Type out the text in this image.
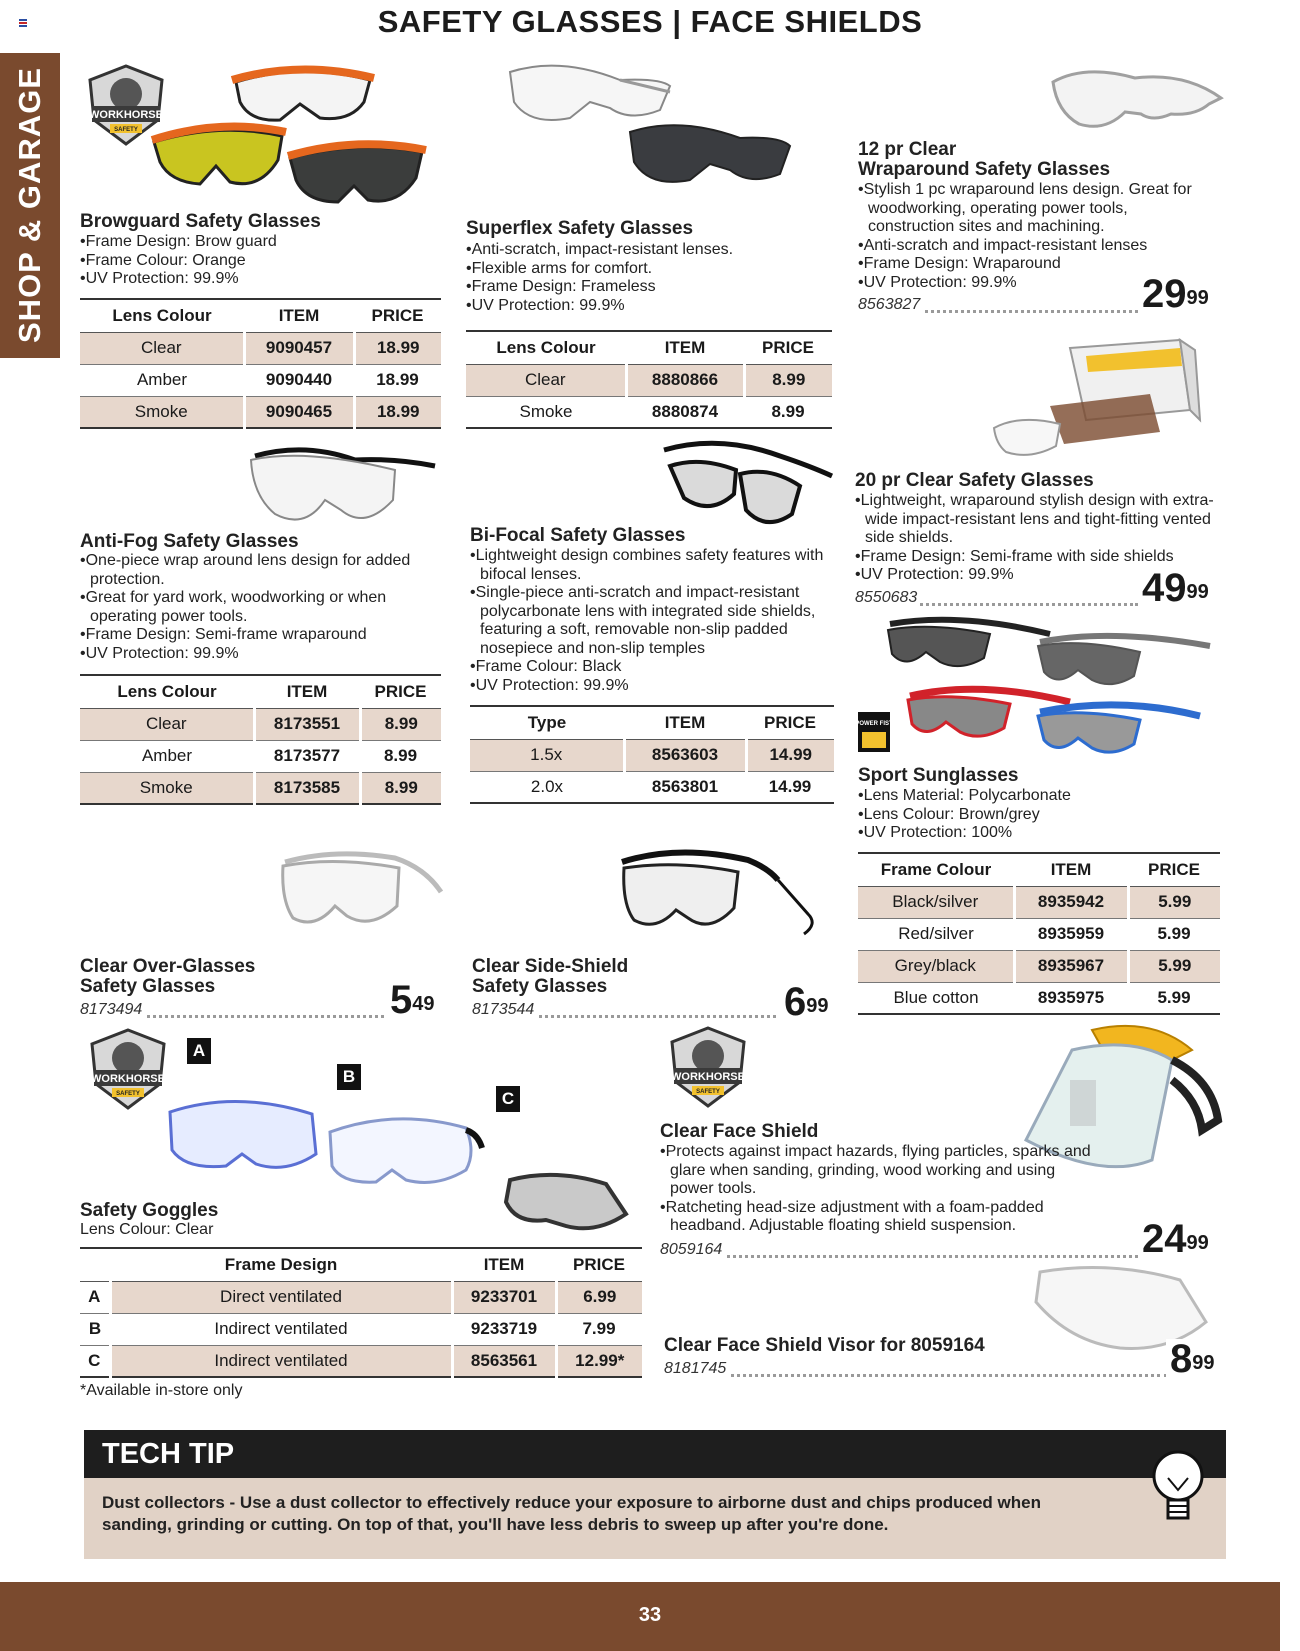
SAFETY GLASSES | FACE SHIELDS
SHOP & GARAGE	WORKHORSE
SAFETY
Browguard Safety Glasses
• Frame Design: Brow guard
• Frame Colour: Orange
• UV Protection: 99.9%
Lens Colour	ITEM	PRICE
Clear	9090457	18.99
Amber	9090440	18.99
Smoke	9090465	18.99
Superflex Safety Glasses
• Anti-scratch, impact-resistant lenses.
• Flexible arms for comfort.
• Frame Design: Frameless
• UV Protection: 99.9%
Lens Colour	ITEM	PRICE
Clear	8880866	8.99
Smoke	8880874	8.99
12 pr Clear
Wraparound Safety Glasses
• Stylish 1 pc wraparound lens design. Great for woodworking, operating power tools, construction sites and machining.
• Anti-scratch and impact-resistant lenses
• Frame Design: Wraparound
• UV Protection: 99.9%
8563827	$29^{99}$
20 pr Clear Safety Glasses
• Lightweight, wraparound stylish design with extra-wide impact-resistant lens and tight-fitting vented side shields.
• Frame Design: Semi-frame with side shields
• UV Protection: 99.9%
8550683	$49^{99}$
Anti-Fog Safety Glasses
• One-piece wrap around lens design for added protection.
• Great for yard work, woodworking or when operating power tools.
• Frame Design: Semi-frame wraparound
• UV Protection: 99.9%
Lens Colour	ITEM	PRICE
Clear	8173551	8.99
Amber	8173577	8.99
Smoke	8173585	8.99
Bi-Focal Safety Glasses
• Lightweight design combines safety features with bifocal lenses.
• Single-piece anti-scratch and impact-resistant polycarbonate lens with integrated side shields, featuring a soft, removable non-slip padded nosepiece and non-slip temples
• Frame Colour: Black
• UV Protection: 99.9%
Type	ITEM	PRICE
1.5x	8563603	14.99
2.0x	8563801	14.99
POWER FIST
Sport Sunglasses
• Lens Material: Polycarbonate
• Lens Colour: Brown/grey
• UV Protection: 100%
Frame Colour	ITEM	PRICE
Black/silver	8935942	5.99
Red/silver	8935959	5.99
Grey/black	8935967	5.99
Blue cotton	8935975	5.99
Clear Over-Glasses
Safety Glasses
8173494	$5^{49}$
Clear Side-Shield
Safety Glasses
8173544	$6^{99}$
WORKHORSE
SAFETY
A
B
C
Safety Goggles
Lens Colour: Clear
	Frame Design	ITEM	PRICE
A	Direct ventilated	9233701	6.99
B	Indirect ventilated	9233719	7.99
C	Indirect ventilated	8563561	12.99*
*Available in-store only
WORKHORSE
SAFETY
Clear Face Shield
• Protects against impact hazards, flying particles, sparks and glare when sanding, grinding, wood working and using power tools.
• Ratcheting head-size adjustment with a foam-padded headband. Adjustable floating shield suspension.
8059164	$24^{99}$
Clear Face Shield Visor for 8059164
8181745	$8^{99}$
TECH TIP
Dust collectors - Use a dust collector to effectively reduce your exposure to airborne dust and chips produced when sanding, grinding or cutting. On top of that, you'll have less debris to sweep up after you're done.
33
